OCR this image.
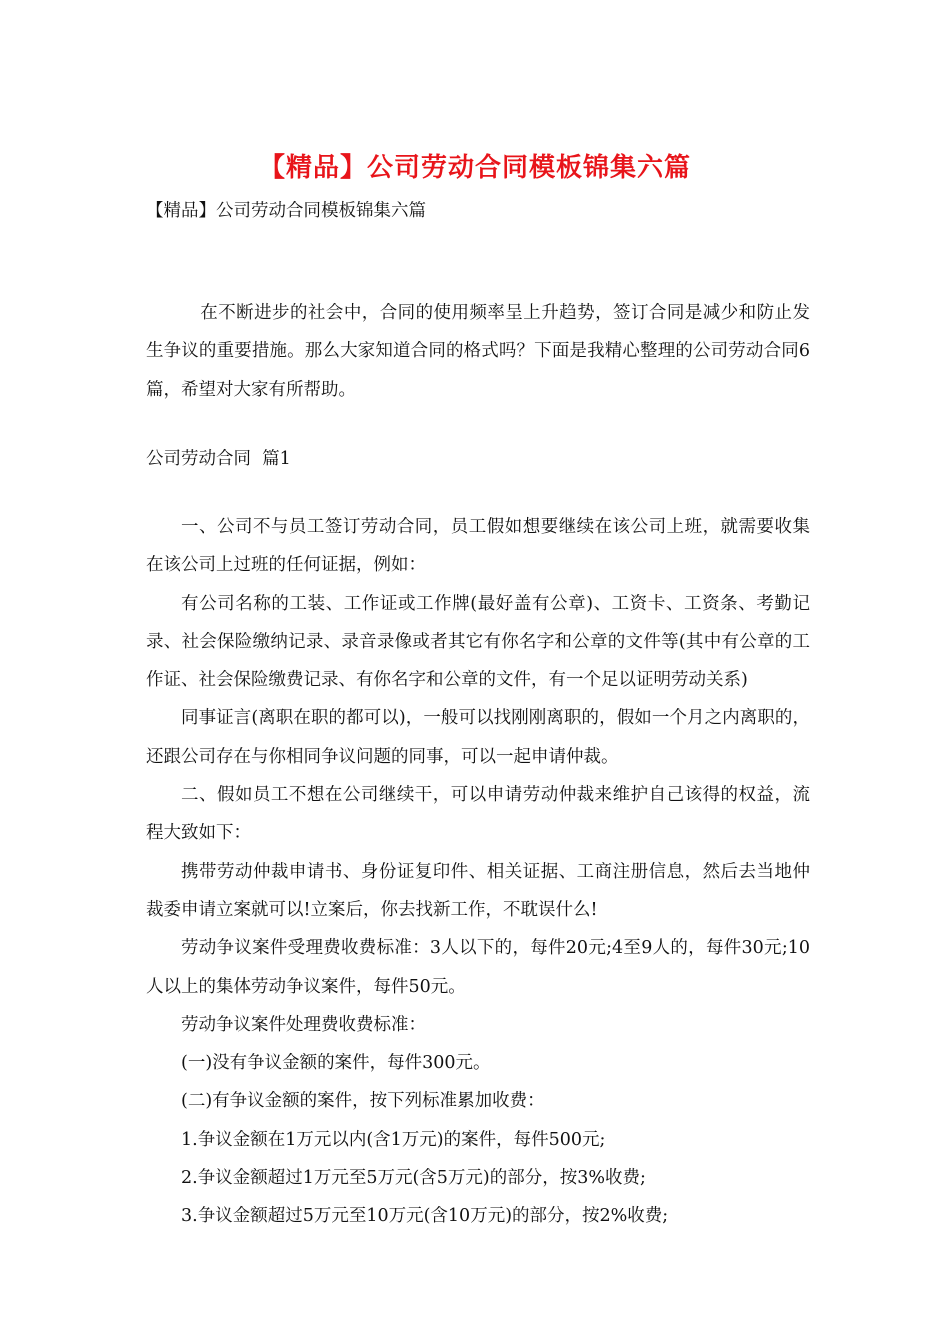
【精品】公司劳动合同模板锦集六篇
【精品】公司劳动合同模板锦集六篇

在不断进步的社会中，合同的使用频率呈上升趋势，签订合同是减少和防止发生争议的重要措施。那么大家知道合同的格式吗？下面是我精心整理的公司劳动合同6篇，希望对大家有所帮助。

公司劳动合同  篇1

一、公司不与员工签订劳动合同，员工假如想要继续在该公司上班，就需要收集在该公司上过班的任何证据，例如：

有公司名称的工装、工作证或工作牌(最好盖有公章)、工资卡、工资条、考勤记录、社会保险缴纳记录、录音录像或者其它有你名字和公章的文件等(其中有公章的工作证、社会保险缴费记录、有你名字和公章的文件，有一个足以证明劳动关系)

同事证言(离职在职的都可以)，一般可以找刚刚离职的，假如一个月之内离职的，还跟公司存在与你相同争议问题的同事，可以一起申请仲裁。

二、假如员工不想在公司继续干，可以申请劳动仲裁来维护自己该得的权益，流程大致如下：

携带劳动仲裁申请书、身份证复印件、相关证据、工商注册信息，然后去当地仲裁委申请立案就可以!立案后，你去找新工作，不耽误什么!

劳动争议案件受理费收费标准：3人以下的，每件20元;4至9人的，每件30元;10人以上的集体劳动争议案件，每件50元。

劳动争议案件处理费收费标准：

(一)没有争议金额的案件，每件300元。

(二)有争议金额的案件，按下列标准累加收费：

1.争议金额在1万元以内(含1万元)的案件，每件500元;

2.争议金额超过1万元至5万元(含5万元)的部分，按3%收费;

3.争议金额超过5万元至10万元(含10万元)的部分，按2%收费;
